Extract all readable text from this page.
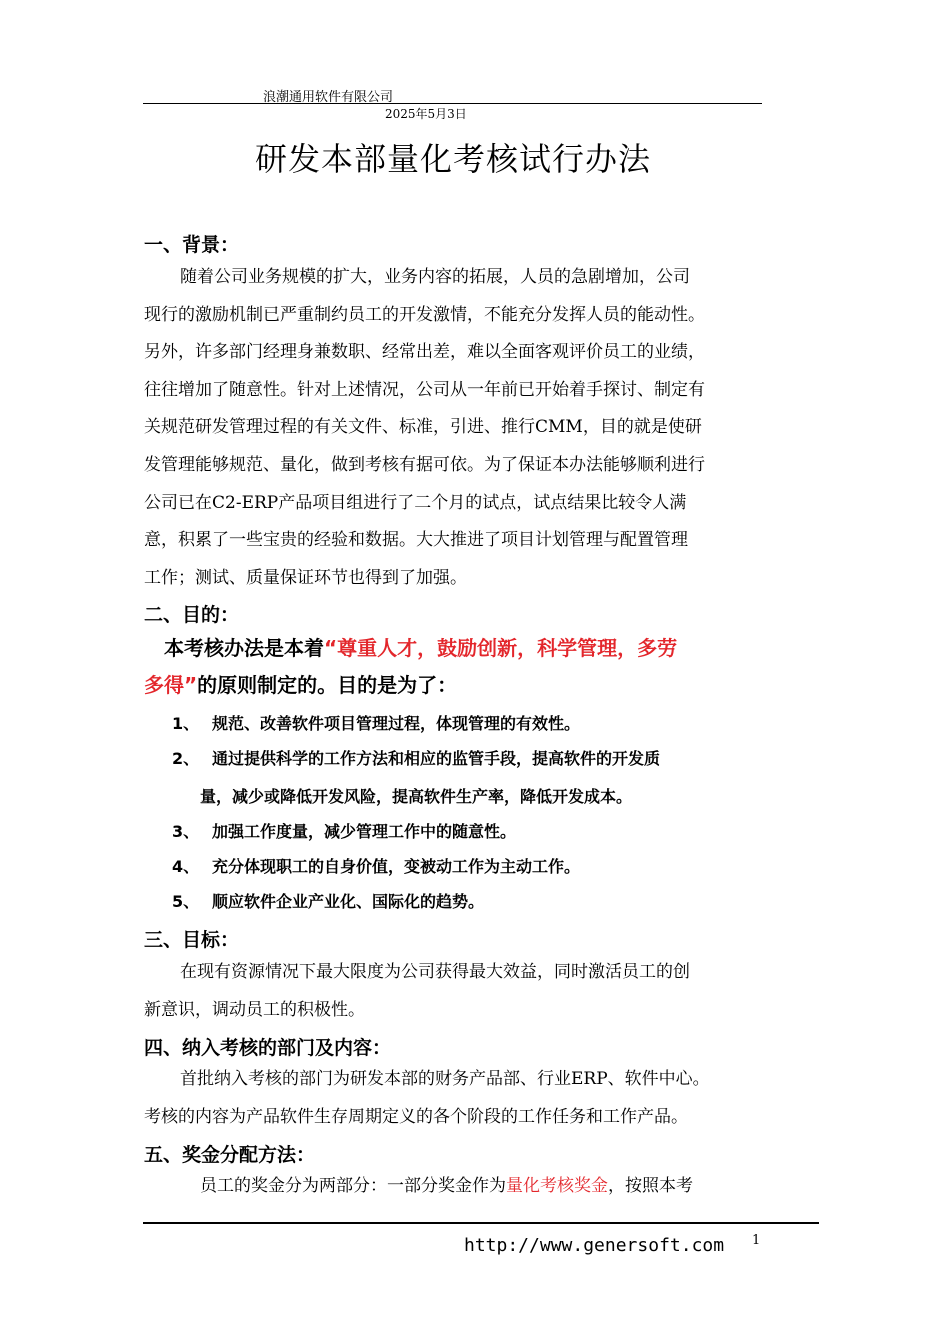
浪潮通用软件有限公司
2025年5月3日
研发本部量化考核试行办法
一、背景：
随着公司业务规模的扩大，业务内容的拓展，人员的急剧增加，公司
现行的激励机制已严重制约员工的开发激情，不能充分发挥人员的能动性。
另外，许多部门经理身兼数职、经常出差，难以全面客观评价员工的业绩，
往往增加了随意性。针对上述情况，公司从一年前已开始着手探讨、制定有
关规范研发管理过程的有关文件、标准，引进、推行CMM，目的就是使研
发管理能够规范、量化，做到考核有据可依。为了保证本办法能够顺利进行
公司已在C2-ERP产品项目组进行了二个月的试点，试点结果比较令人满
意，积累了一些宝贵的经验和数据。大大推进了项目计划管理与配置管理
工作；测试、质量保证环节也得到了加强。
二、目的：
本考核办法是本着“尊重人才，鼓励创新，科学管理，多劳
多得”的原则制定的。目的是为了：
1、 规范、改善软件项目管理过程，体现管理的有效性。
2、 通过提供科学的工作方法和相应的监管手段，提高软件的开发质
量，减少或降低开发风险，提高软件生产率，降低开发成本。
3、 加强工作度量，减少管理工作中的随意性。
4、 充分体现职工的自身价值，变被动工作为主动工作。
5、 顺应软件企业产业化、国际化的趋势。
三、目标：
在现有资源情况下最大限度为公司获得最大效益，同时激活员工的创
新意识，调动员工的积极性。
四、纳入考核的部门及内容：
首批纳入考核的部门为研发本部的财务产品部、行业ERP、软件中心。
考核的内容为产品软件生存周期定义的各个阶段的工作任务和工作产品。
五、奖金分配方法：
员工的奖金分为两部分：一部分奖金作为量化考核奖金，按照本考
http://www.genersoft.com 1
